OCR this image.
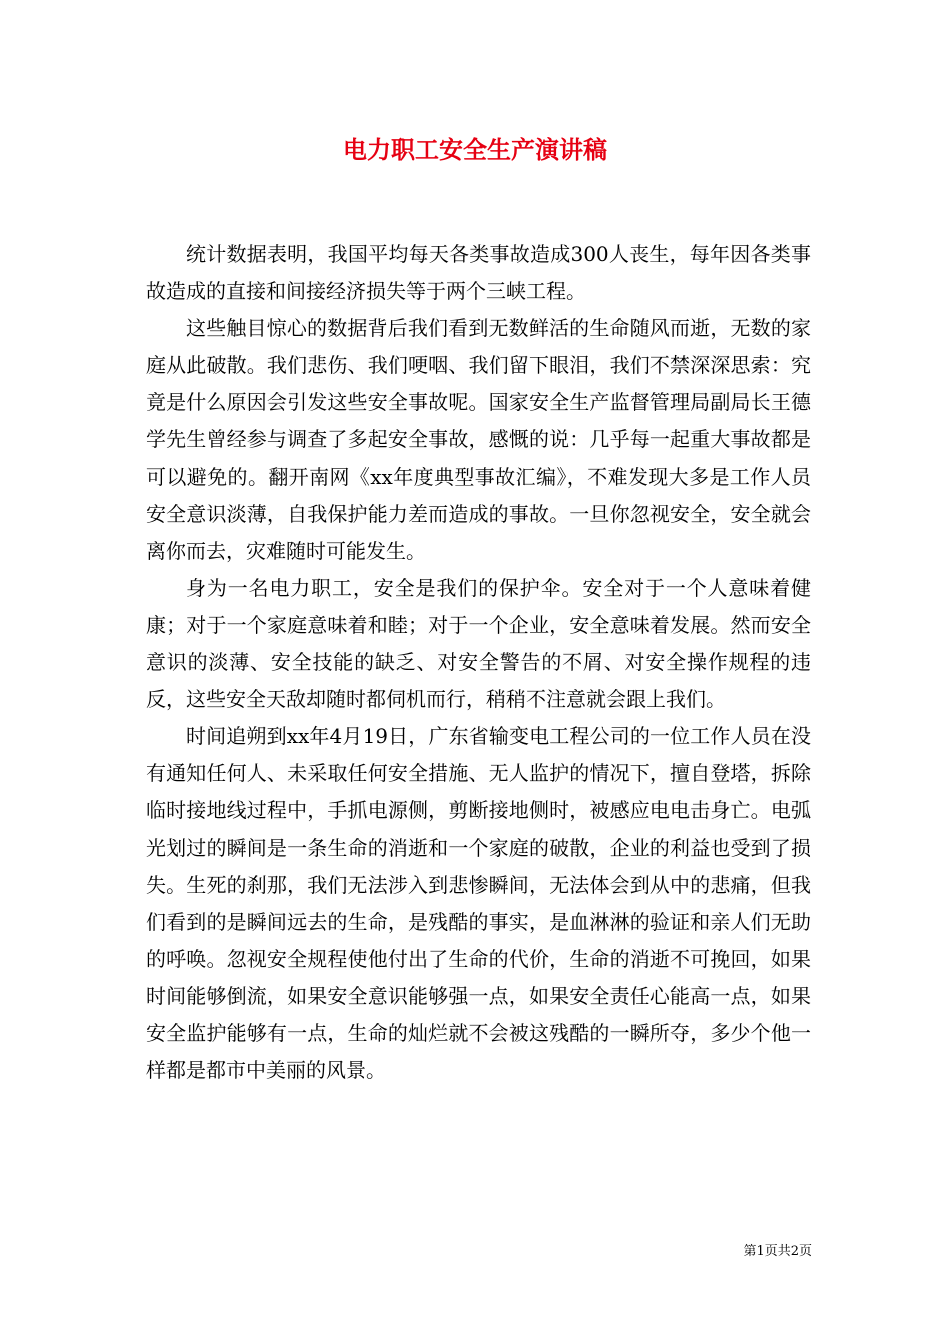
电力职工安全生产演讲稿

统计数据表明，我国平均每天各类事故造成300人丧生，每年因各类事故造成的直接和间接经济损失等于两个三峡工程。

这些触目惊心的数据背后我们看到无数鲜活的生命随风而逝，无数的家庭从此破散。我们悲伤、我们哽咽、我们留下眼泪，我们不禁深深思索：究竟是什么原因会引发这些安全事故呢。国家安全生产监督管理局副局长王德学先生曾经参与调查了多起安全事故，感慨的说：几乎每一起重大事故都是可以避免的。翻开南网《xx年度典型事故汇编》，不难发现大多是工作人员安全意识淡薄，自我保护能力差而造成的事故。一旦你忽视安全，安全就会离你而去，灾难随时可能发生。

身为一名电力职工，安全是我们的保护伞。安全对于一个人意味着健康；对于一个家庭意味着和睦；对于一个企业，安全意味着发展。然而安全意识的淡薄、安全技能的缺乏、对安全警告的不屑、对安全操作规程的违反，这些安全天敌却随时都伺机而行，稍稍不注意就会跟上我们。

时间追朔到xx年4月19日，广东省输变电工程公司的一位工作人员在没有通知任何人、未采取任何安全措施、无人监护的情况下，擅自登塔，拆除临时接地线过程中，手抓电源侧，剪断接地侧时，被感应电电击身亡。电弧光划过的瞬间是一条生命的消逝和一个家庭的破散，企业的利益也受到了损失。生死的刹那，我们无法涉入到悲惨瞬间，无法体会到从中的悲痛，但我们看到的是瞬间远去的生命，是残酷的事实，是血淋淋的验证和亲人们无助的呼唤。忽视安全规程使他付出了生命的代价，生命的消逝不可挽回，如果时间能够倒流，如果安全意识能够强一点，如果安全责任心能高一点，如果安全监护能够有一点，生命的灿烂就不会被这残酷的一瞬所夺，多少个他一样都是都市中美丽的风景。

第1页共2页
